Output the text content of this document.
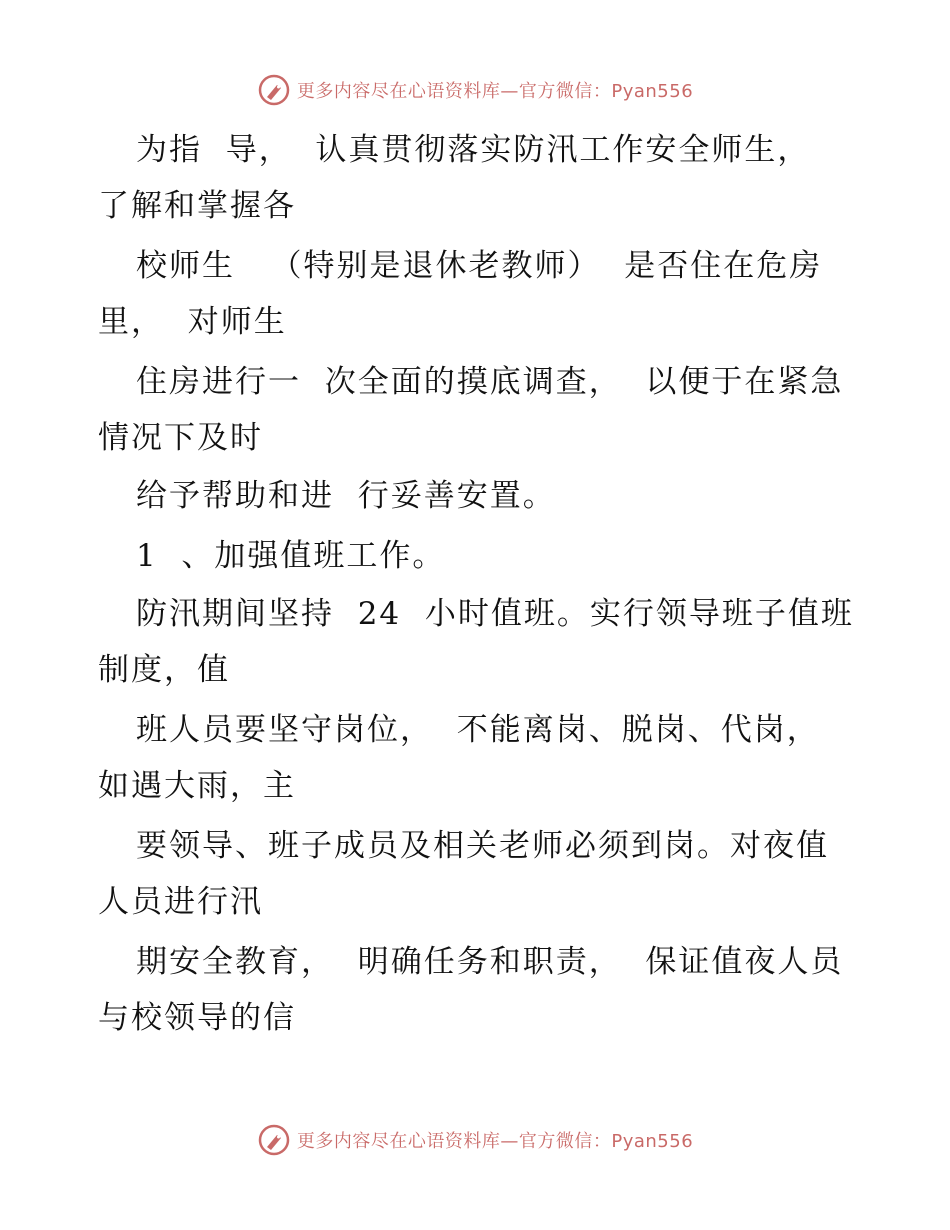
更多内容尽在心语资料库—官方微信：Pyan556
为指  导，  认真贯彻落实防汛工作安全师生，
了解和掌握各
校师生   （特别是退休老教师）  是否住在危房
里，  对师生
住房进行一  次全面的摸底调查，  以便于在紧急
情况下及时
给予帮助和进  行妥善安置。
1  、加强值班工作。
防汛期间坚持  24  小时值班。实行领导班子值班
制度，值
班人员要坚守岗位，  不能离岗、脱岗、代岗，
如遇大雨，主
要领导、班子成员及相关老师必须到岗。对夜值
人员进行汛
期安全教育，  明确任务和职责，  保证值夜人员
与校领导的信
更多内容尽在心语资料库—官方微信：Pyan556
